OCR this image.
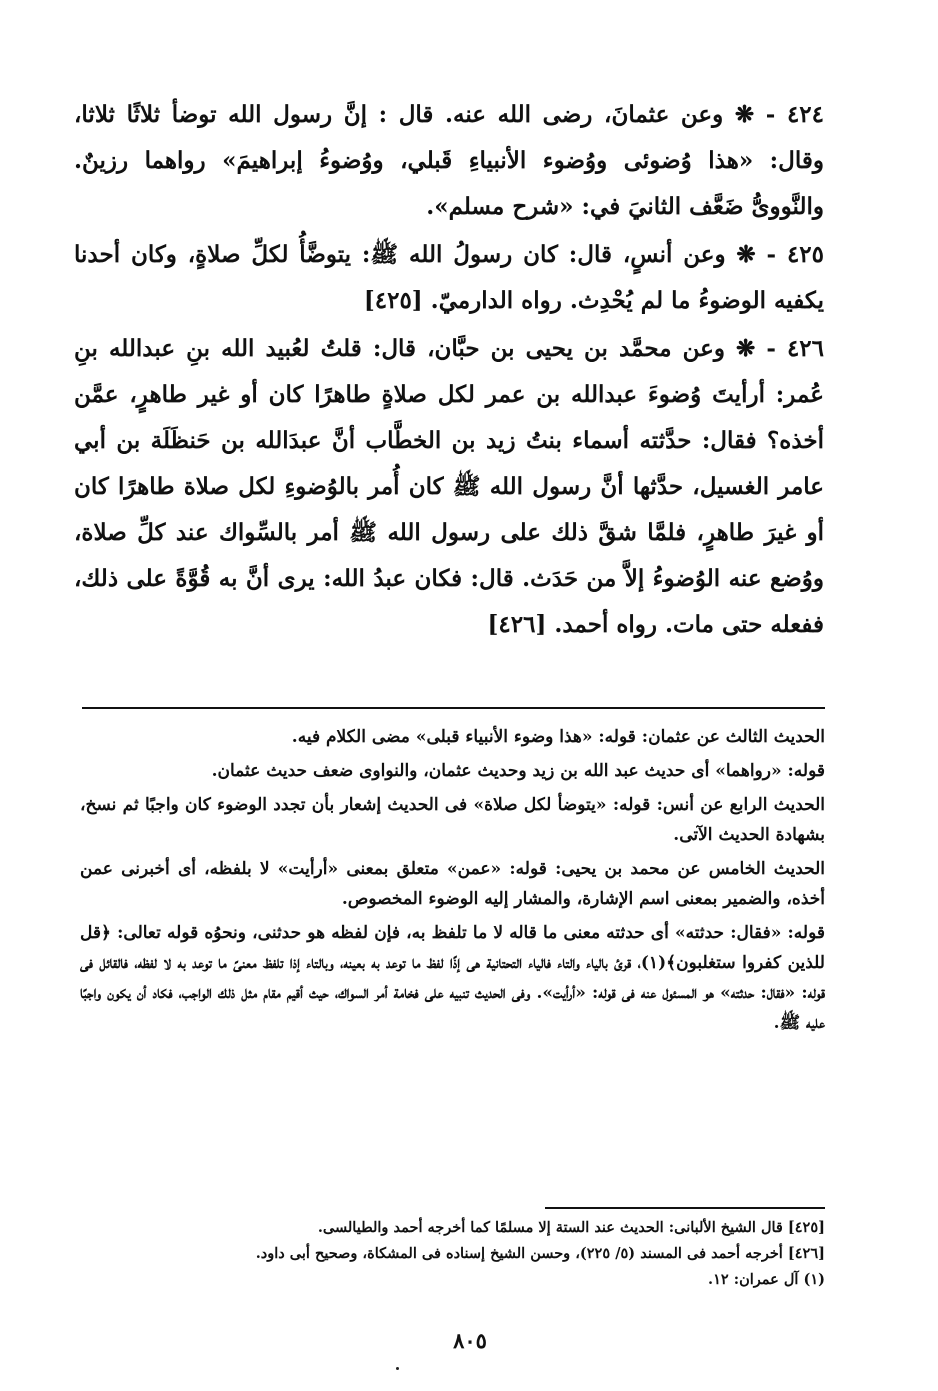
٤٢٤ - ❋ وعن عثمانَ، رضى الله عنه. قال : إنَّ رسول الله توضأ ثلاثًا ثلاثا، وقال: «هذا وُضوئى ووُضوء الأنبياءِ قَبلي، ووُضوءُ إبراهيمَ» رواهما رزينٌ. والنَّووىُّ ضَعَّف الثانيَ في: «شرح مسلم».

٤٢٥ - ❋ وعن أنسٍ، قال: كان رسولُ الله ﷺ: يتوضَّأُ لكلِّ صلاةٍ، وكان أحدنا يكفيه الوضوءُ ما لم يُحْدِث. رواه الدارميّ. [٤٢٥]

٤٢٦ - ❋ وعن محمَّد بن يحيى بن حبَّان، قال: قلتُ لعُبيد الله بنِ عبدالله بنِ عُمر: أرأيتَ وُضوءَ عبدالله بن عمر لكل صلاةٍ طاهرًا كان أو غير طاهرٍ، عمَّن أخذه؟ فقال: حدَّثته أسماء بنتُ زيد بن الخطَّاب أنَّ عبدَالله بن حَنظَلَة بن أبي عامر الغسيل، حدَّثها أنَّ رسول الله ﷺ كان أُمر بالوُضوءِ لكل صلاة طاهرًا كان أو غيرَ طاهرٍ، فلمَّا شقَّ ذلك على رسول الله ﷺ أمر بالسِّواك عند كلِّ صلاة، ووُضع عنه الوُضوءُ إلاَّ من حَدَث. قال: فكان عبدُ الله: يرى أنَّ به قُوَّةً على ذلك، ففعله حتى مات. رواه أحمد. [٤٢٦]

الحديث الثالث عن عثمان: قوله: «هذا وضوء الأنبياء قبلى» مضى الكلام فيه.

قوله: «رواهما» أى حديث عبد الله بن زيد وحديث عثمان، والنواوى ضعف حديث عثمان.

الحديث الرابع عن أنس: قوله: «يتوضأ لكل صلاة» فى الحديث إشعار بأن تجدد الوضوء كان واجبًا ثم نسخ، بشهادة الحديث الآتى.

الحديث الخامس عن محمد بن يحيى: قوله: «عمن» متعلق بمعنى «أرأيت» لا بلفظه، أى أخبرنى عمن أخذه، والضمير بمعنى اسم الإشارة، والمشار إليه الوضوء المخصوص.

قوله: «فقال: حدثته» أى حدثته معنى ما قاله لا ما تلفظ به، فإن لفظه هو حدثنى، ونحوُه قوله تعالى: ﴿قل للذين كفروا ستغلبون﴾(١)، قرئ بالياء والتاء فالياء التحتانية هى إذًا لفظ ما توعد به بعينه، وبالتاء إذا تلفظ معنىً ما توعد به لا لفظه، فالقائل فى قوله: «فقال: حدثته» هو المسئول عنه فى قوله: «أرأيت». وفى الحديث تنبيه على فخامة أمر السواك، حيث أقيم مقام مثل ذلك الواجب، فكاد أن يكون واجبًا عليه ﷺ.

[٤٢٥] قال الشيخ الألبانى: الحديث عند الستة إلا مسلمًا كما أخرجه أحمد والطيالسى.

[٤٢٦] أخرجه أحمد فى المسند (٥/ ٢٢٥)، وحسن الشيخ إسناده فى المشكاة، وصحيح أبى داود.

(١) آل عمران: ١٢.

٨٠٥
